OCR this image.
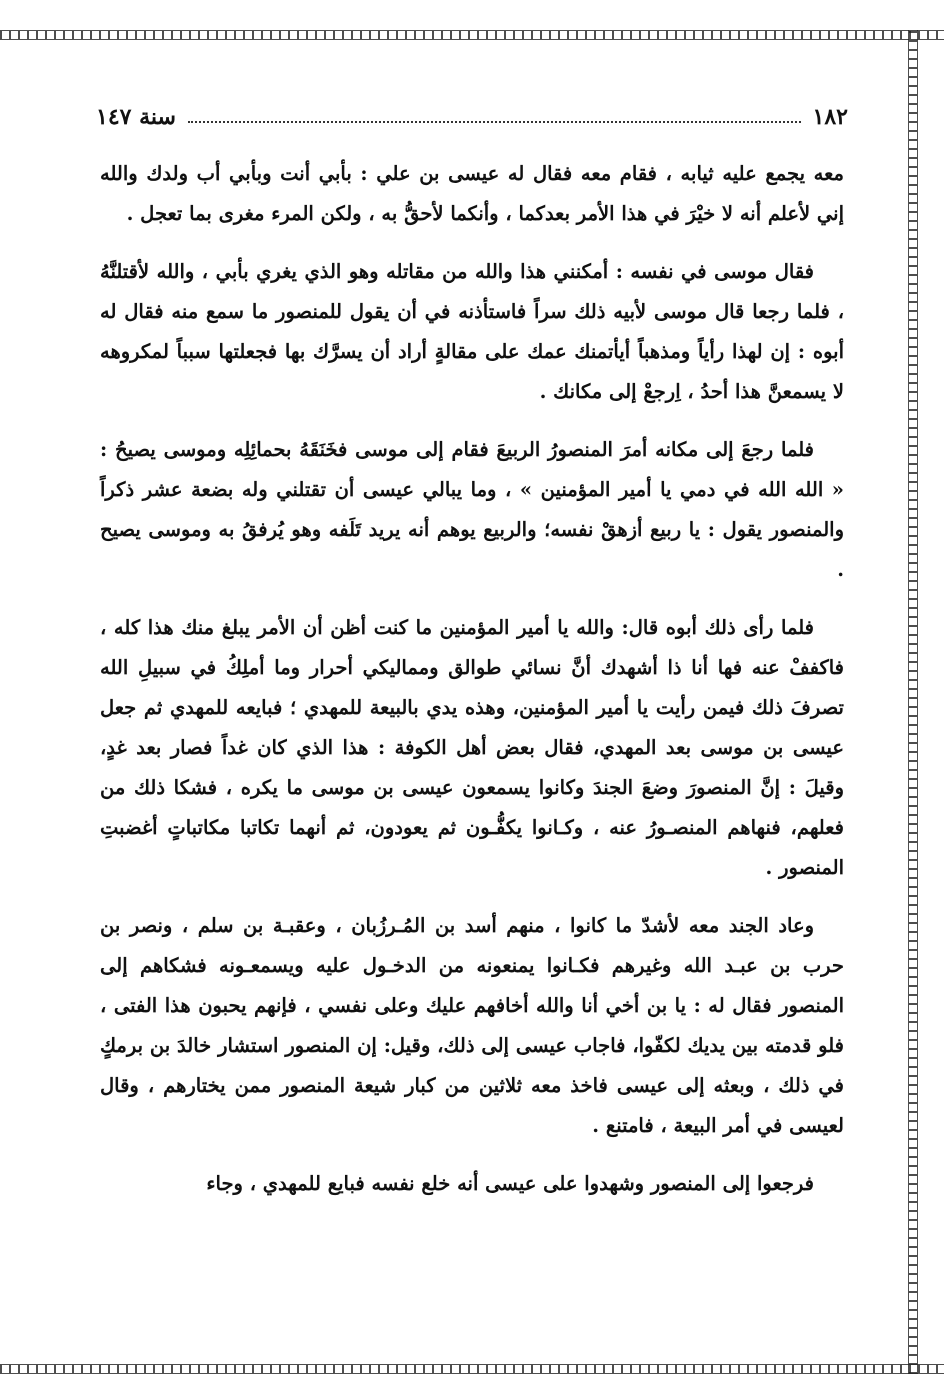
١٨٢
سنة ١٤٧

معه يجمع عليه ثيابه ، فقام معه فقال له عيسى بن علي : بأبي أنت وبأبي أب ولدك والله إني لأعلم أنه لا خيْرَ في هذا الأمر بعدكما ، وأنكما لأحقُّ به ، ولكن المرء مغرى بما تعجل .

فقال موسى في نفسه : أمكنني هذا والله من مقاتله وهو الذي يغري بأبي ، والله لأقتلنَّهُ ، فلما رجعا قال موسى لأبيه ذلك سراً فاستأذنه في أن يقول للمنصور ما سمع منه فقال له أبوه : إن لهذا رأياً ومذهباً أيأتمنك عمك على مقالةٍ أراد أن يسرَّك بها فجعلتها سبباً لمكروهه لا يسمعنَّ هذا أحدُ ، اِرجعْ إلى مكانك .

فلما رجعَ إلى مكانه أمرَ المنصورُ الربيعَ فقام إلى موسى فخَنَقَهُ بحمائِلِه وموسى يصيحُ : « الله الله في دمي يا أمير المؤمنين » ، وما يبالي عيسى أن تقتلني وله بضعة عشر ذكراً والمنصور يقول : يا ربيع أزهقْ نفسه؛ والربيع يوهم أنه يريد تَلَفه وهو يُرفقُ به وموسى يصيح .

فلما رأى ذلك أبوه قال: والله يا أمير المؤمنين ما كنت أظن أن الأمر يبلغ منك هذا كله ، فاكففْ عنه فها أنا ذا أشهدك أنَّ نسائي طوالق ومماليكي أحرار وما أملِكُ في سبيلِ الله تصرفَ ذلك فيمن رأيت يا أمير المؤمنين، وهذه يدي بالبيعة للمهدي ؛ فبايعه للمهدي ثم جعل عيسى بن موسى بعد المهدي، فقال بعض أهل الكوفة : هذا الذي كان غداً فصار بعد غدٍ، وقيلَ : إنَّ المنصورَ وضعَ الجندَ وكانوا يسمعون عيسى بن موسى ما يكره ، فشكا ذلك من فعلهم، فنهاهم المنصـورُ عنه ، وكـانوا يكفُّـون ثم يعودون، ثم أنهما تكاتبا مكاتباتٍ أغضبتِ المنصور .

وعاد الجند معه لأشدّ ما كانوا ، منهم أسد بن المُـرزُبان ، وعقبـة بن سلم ، ونصر بن حرب بن عبـد الله وغيرهم فكـانوا يمنعونه من الدخـول عليه ويسمعـونه فشكاهم إلى المنصور فقال له : يا بن أخي أنا والله أخافهم عليك وعلى نفسي ، فإنهم يحبون هذا الفتى ، فلو قدمته بين يديك لكفّوا، فاجاب عيسى إلى ذلك، وقيل: إن المنصور استشار خالدَ بن برمكٍ في ذلك ، وبعثه إلى عيسى فاخذ معه ثلاثين من كبار شيعة المنصور ممن يختارهم ، وقال لعيسى في أمر البيعة ، فامتنع .

فرجعوا إلى المنصور وشهدوا على عيسى أنه خلع نفسه فبايع للمهدي ، وجاء
